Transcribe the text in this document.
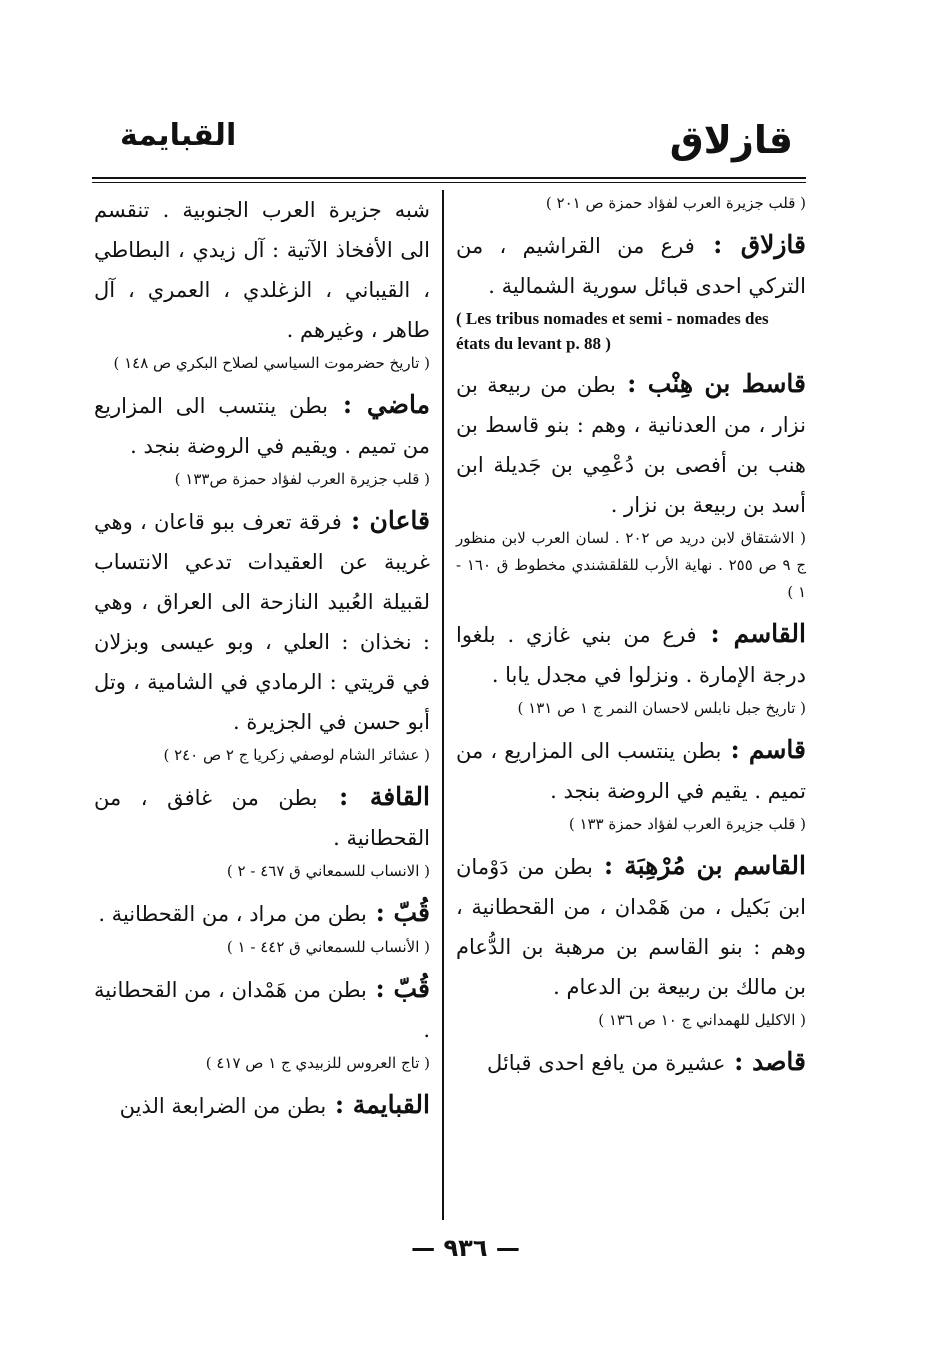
قازلاق
القبايمة
( قلب جزيرة العرب لفؤاد حمزة ص ٢٠١ )
قازلاق : فرع من القراشيم ، من التركي احدى قبائل سورية الشمالية .
( Les tribus nomades et semi - nomades des états du levant p. 88 )
قاسط بن هِنْب : بطن من ربيعة بن نزار ، من العدنانية ، وهم : بنو قاسط بن هنب بن أفصى بن دُعْمِي بن جَديلة ابن أسد بن ربيعة بن نزار .
( الاشتقاق لابن دريد ص ٢٠٢ . لسان العرب لابن منظور ج ٩ ص ٢٥٥ . نهاية الأرب للقلقشندي مخطوط ق ١٦٠ - ١ )
القاسم : فرع من بني غازي . بلغوا درجة الإمارة . ونزلوا في مجدل يابا .
( تاريخ جبل نابلس لاحسان النمر ج ١ ص ١٣١ )
قاسم : بطن ينتسب الى المزاريع ، من تميم . يقيم في الروضة بنجد .
( قلب جزيرة العرب لفؤاد حمزة ١٣٣ )
القاسم بن مُرْهِبَة : بطن من دَوْمان ابن بَكيل ، من هَمْدان ، من القحطانية ، وهم : بنو القاسم بن مرهبة بن الدُّعام بن مالك بن ربيعة بن الدعام .
( الاكليل للهمداني ج ١٠ ص ١٣٦ )
قاصد : عشيرة من يافع احدى قبائل
شبه جزيرة العرب الجنوبية . تنقسم الى الأفخاذ الآتية : آل زيدي ، البطاطي ، القيباني ، الزغلدي ، العمري ، آل طاهر ، وغيرهم .
( تاريخ حضرموت السياسي لصلاح البكري ص ١٤٨ )
ماضي : بطن ينتسب الى المزاريع من تميم . ويقيم في الروضة بنجد .
( قلب جزيرة العرب لفؤاد حمزة ص١٣٣ )
قاعان : فرقة تعرف ببو قاعان ، وهي غريبة عن العقيدات تدعي الانتساب لقبيلة العُبيد النازحة الى العراق ، وهي : نخذان : العلي ، وبو عيسى وبزلان في قريتي : الرمادي في الشامية ، وتل أبو حسن في الجزيرة .
( عشائر الشام لوصفي زكريا ج ٢ ص ٢٤٠ )
القافة : بطن من غافق ، من القحطانية .
( الانساب للسمعاني ق ٤٦٧ - ٢ )
قُبّ : بطن من مراد ، من القحطانية .
( الأنساب للسمعاني ق ٤٤٢ - ١ )
قُبّ : بطن من هَمْدان ، من القحطانية .
( تاج العروس للزبيدي ج ١ ص ٤١٧ )
القبايمة : بطن من الضرابعة الذين
— ٩٣٦ —
